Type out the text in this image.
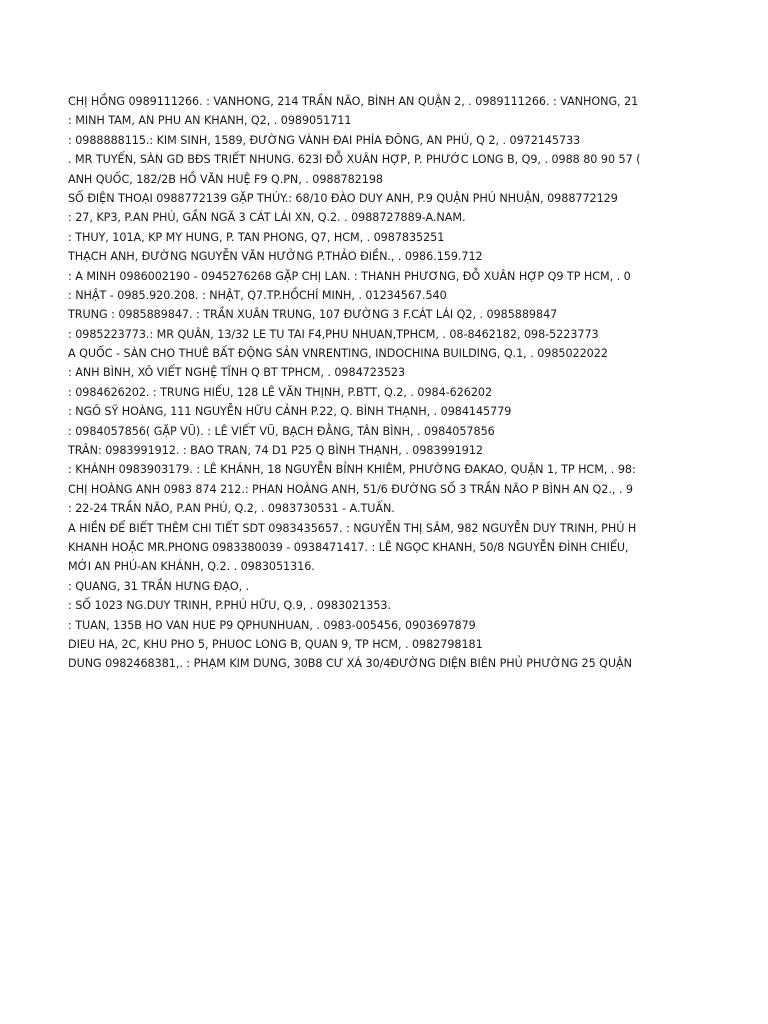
CHỊ HỒNG 0989111266. : VANHONG, 214 TRẦN NÃO, BÌNH AN QUẬN 2, . 0989111266. : VANHONG, 21
: MINH TAM, AN PHU AN KHANH, Q2, . 0989051711
: 0988888115.: KIM SINH, 1589, ĐƯỜNG VÀNH ĐAI PHÍA ĐÔNG, AN PHÚ, Q 2, . 0972145733
. MR TUYẾN, SÀN GD BĐS TRIẾT NHUNG. 623l ĐỖ XUÂN HỢP, P. PHƯỚC LONG B, Q9, . 0988 80 90 57 (
ANH QUỐC, 182/2B HỒ VĂN HUỆ F9 Q.PN, . 0988782198
SỐ ĐIỆN THOẠI 0988772139 GẶP THÚY.: 68/10 ĐÀO DUY ANH, P.9 QUẬN PHÚ NHUẬN, 0988772129
: 27, KP3, P.AN PHÚ, GẦN NGÃ 3 CÁT LÁI XN, Q.2. . 0988727889-A.NAM.
: THUY, 101A, KP MY HUNG, P. TAN PHONG, Q7, HCM, . 0987835251
THẠCH ANH, ĐƯỜNG NGUYỄN VĂN HƯỞNG P.THẢO ĐIỀN., . 0986.159.712
: A MINH 0986002190 - 0945276268 GẶP CHỊ LAN. : THANH PHƯƠNG, ĐỖ XUÂN HỢP Q9 TP HCM, . 0
: NHẬT - 0985.920.208. : NHẬT, Q7.TP.HỒCHÍ MINH, . 01234567.540
TRUNG : 0985889847. : TRẦN XUÂN TRUNG, 107 ĐƯỜNG 3 F.CÁT LÁI Q2, . 0985889847
: 0985223773.: MR QUÂN, 13/32 LE TU TAI F4,PHU NHUAN,TPHCM, . 08-8462182, 098-5223773
A QUỐC - SÀN CHO THUÊ BẤT ĐỘNG SẢN VNRENTING, INDOCHINA BUILDING, Q.1, . 0985022022
: ANH BÌNH, XÔ VIẾT NGHỆ TĨNH Q BT TPHCM, . 0984723523
: 0984626202. : TRUNG HIẾU, 128 LÊ VĂN THỊNH, P.BTT, Q.2, . 0984-626202
: NGÔ SỸ HOÀNG, 111 NGUYỄN HỮU CẢNH P.22, Q. BÌNH THẠNH, . 0984145779
: 0984057856( GẶP VŨ). : LÊ VIẾT VŨ, BẠCH ĐẰNG, TÂN BÌNH, . 0984057856
TRÂN: 0983991912. : BAO TRAN, 74 D1 P25 Q BÌNH THẠNH, . 0983991912
: KHÁNH 0983903179. : LÊ KHÁNH, 18 NGUYỄN BỈNH KHIÊM, PHƯỜNG ĐAKAO, QUẬN 1, TP HCM, . 98:
CHỊ HOÀNG ANH 0983 874 212.: PHAN HOÀNG ANH, 51/6 ĐƯỜNG SỐ 3 TRẦN NÃO P BÌNH AN Q2., . 9
: 22-24 TRẦN NÃO, P.AN PHÚ, Q.2, . 0983730531 - A.TUẤN.
A HIỀN ĐỂ BIẾT THÊM CHI TIẾT SDT 0983435657. : NGUYỄN THỊ SÂM, 982 NGUYỄN DUY TRINH, PHÚ H
KHANH HOẶC MR.PHONG 0983380039 - 0938471417. : LÊ NGỌC KHANH, 50/8 NGUYỄN ĐÌNH CHIỂU,
MỚI AN PHÚ-AN KHÁNH, Q.2. . 0983051316.
: QUANG, 31 TRẦN HƯNG ĐẠO, .
: SỐ 1023 NG.DUY TRINH, P.PHÚ HỮU, Q.9, . 0983021353.
: TUAN, 135B HO VAN HUE P9 QPHUNHUAN, . 0983-005456, 0903697879
DIEU HA, 2C, KHU PHO 5, PHUOC LONG B, QUAN 9, TP HCM, . 0982798181
DUNG 0982468381,. : PHẠM KIM DUNG, 30B8 CƯ XÁ 30/4ĐƯỜNG DIỆN BIÊN PHỦ PHƯỜNG 25 QUẬN
